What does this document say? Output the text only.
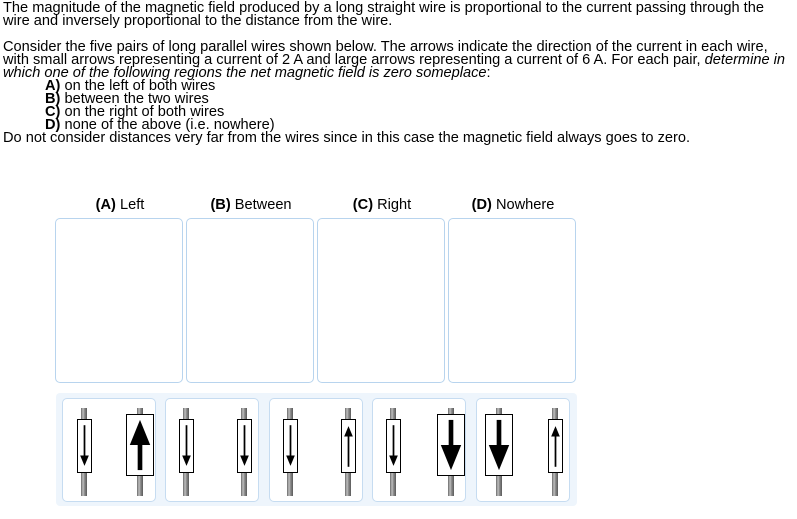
The magnitude of the magnetic field produced by a long straight wire is proportional to the current passing through the wire and inversely proportional to the distance from the wire.

Consider the five pairs of long parallel wires shown below. The arrows indicate the direction of the current in each wire, with small arrows representing a current of 2 A and large arrows representing a current of 6 A. For each pair, determine in which one of the following regions the net magnetic field is zero someplace:

A) on the left of both wires

B) between the two wires

C) on the right of both wires

D) none of the above (i.e. nowhere)

Do not consider distances very far from the wires since in this case the magnetic field always goes to zero.

(A) Left	(B) Between	(C) Right	(D) Nowhere
